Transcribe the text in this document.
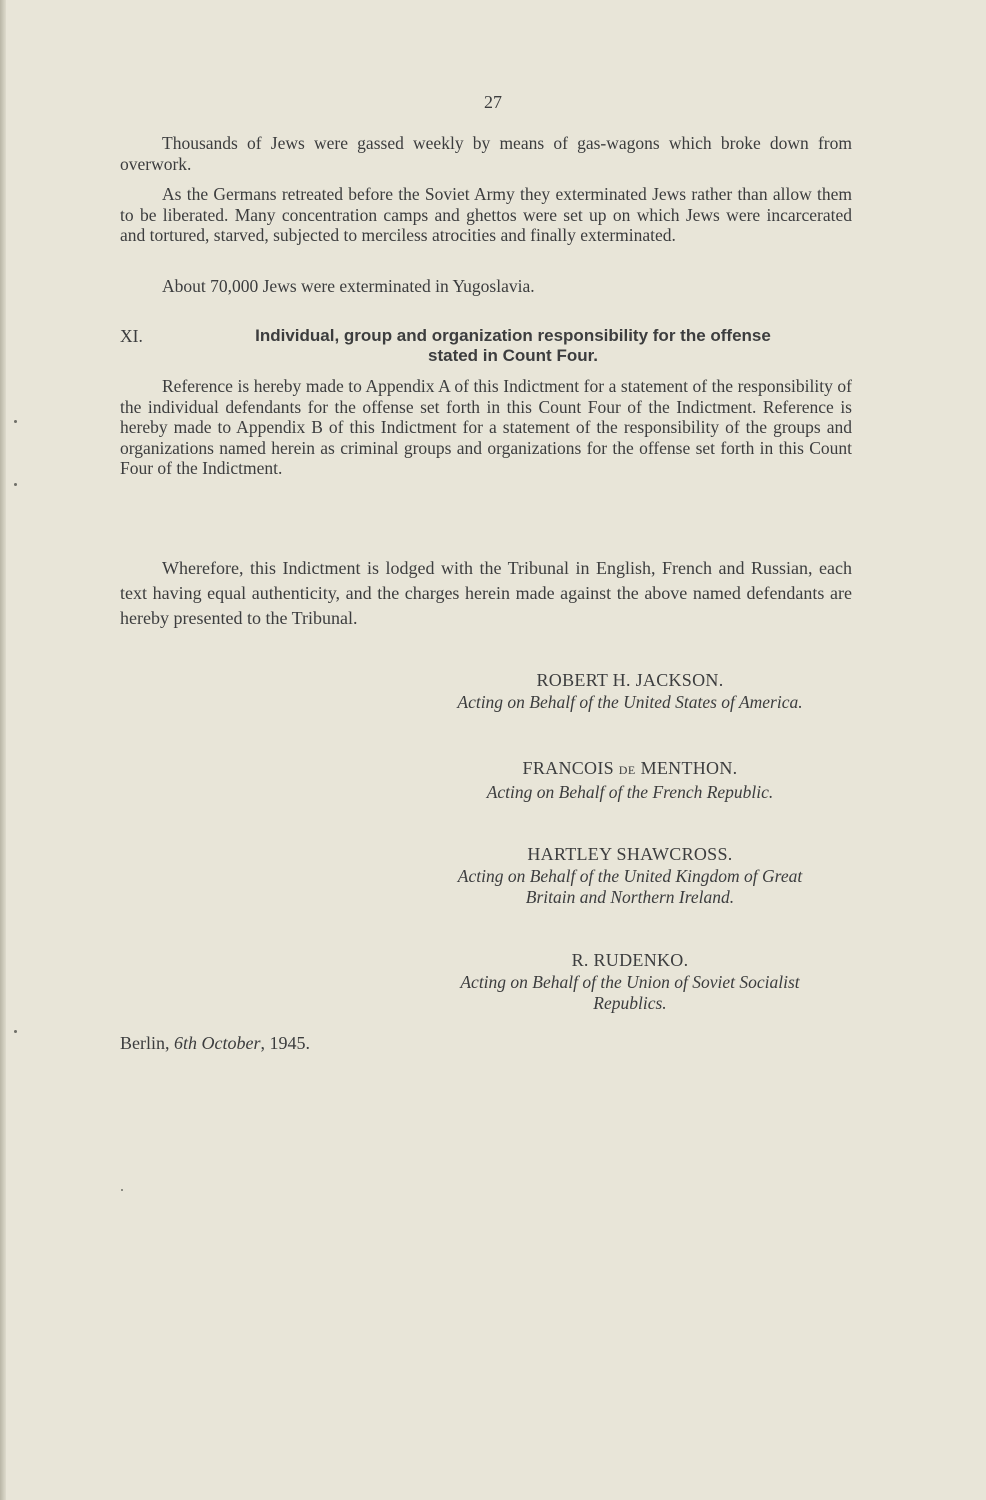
27

Thousands of Jews were gassed weekly by means of gas-wagons which broke down from overwork.

As the Germans retreated before the Soviet Army they exterminated Jews rather than allow them to be liberated. Many concentration camps and ghettos were set up on which Jews were incarcerated and tortured, starved, subjected to merciless atrocities and finally exterminated.

About 70,000 Jews were exterminated in Yugoslavia.

XI.	Individual, group and organization responsibility for the offense
stated in Count Four.

Reference is hereby made to Appendix A of this Indictment for a statement of the responsibility of the individual defendants for the offense set forth in this Count Four of the Indictment. Reference is hereby made to Appendix B of this Indictment for a statement of the responsibility of the groups and organizations named herein as criminal groups and organizations for the offense set forth in this Count Four of the Indictment.

Wherefore, this Indictment is lodged with the Tribunal in English, French and Russian, each text having equal authenticity, and the charges herein made against the above named defendants are hereby presented to the Tribunal.

ROBERT H. JACKSON.
Acting on Behalf of the United States of America.
FRANCOIS DE MENTHON.
Acting on Behalf of the French Republic.
HARTLEY SHAWCROSS.
Acting on Behalf of the United Kingdom of Great
Britain and Northern Ireland.
R. RUDENKO.
Acting on Behalf of the Union of Soviet Socialist
Republics.
Berlin, 6th October, 1945.
